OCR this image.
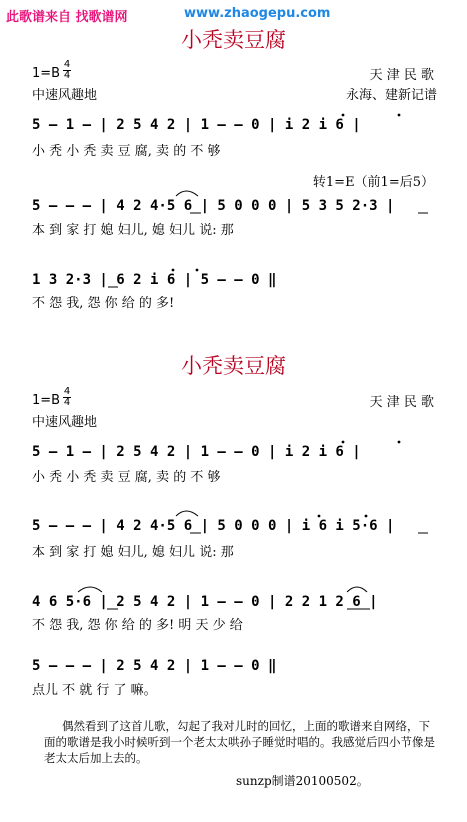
此歌谱来自 找歌谱网	www.zhaogepu.com
小秃卖豆腐
1=B
4
4
中速风趣地
天 津 民 歌
永海、建新记谱
5 – 1 – | 2 5 4 2 | 1 – – 0 | i 2 i 6 |
小 秃 小 秃 卖 豆 腐, 卖 的 不 够
转1=E（前1=后5）
5 – – – | 4 2 4·5 6 | 5 0 0 0 | 5 3 5 2·3 |
本 到 家 打 媳 妇儿, 媳 妇儿 说: 那
1 3 2·3 | 6 2 i 6 | 5 – – 0 ‖
不 怨 我, 怨 你 给 的 多!
小秃卖豆腐
1=B
4
4
中速风趣地
天 津 民 歌
5 – 1 – | 2 5 4 2 | 1 – – 0 | i 2 i 6 |
小 秃 小 秃 卖 豆 腐, 卖 的 不 够
5 – – – | 4 2 4·5 6 | 5 0 0 0 | i 6 i 5·6 |
本 到 家 打 媳 妇儿, 媳 妇儿 说: 那
4 6 5·6 | 2 5 4 2 | 1 – – 0 | 2 2 1 2 6 |
不 怨 我, 怨 你 给 的 多! 明 天 少 给
5 – – – | 2 5 4 2 | 1 – – 0 ‖
点儿 不 就 行 了 嘛。
偶然看到了这首儿歌，勾起了我对儿时的回忆，上面的歌谱来自网络，下面的歌谱是我小时候听到一个老太太哄孙子睡觉时唱的。我感觉后四小节像是老太太后加上去的。
sunzp制谱20100502。
